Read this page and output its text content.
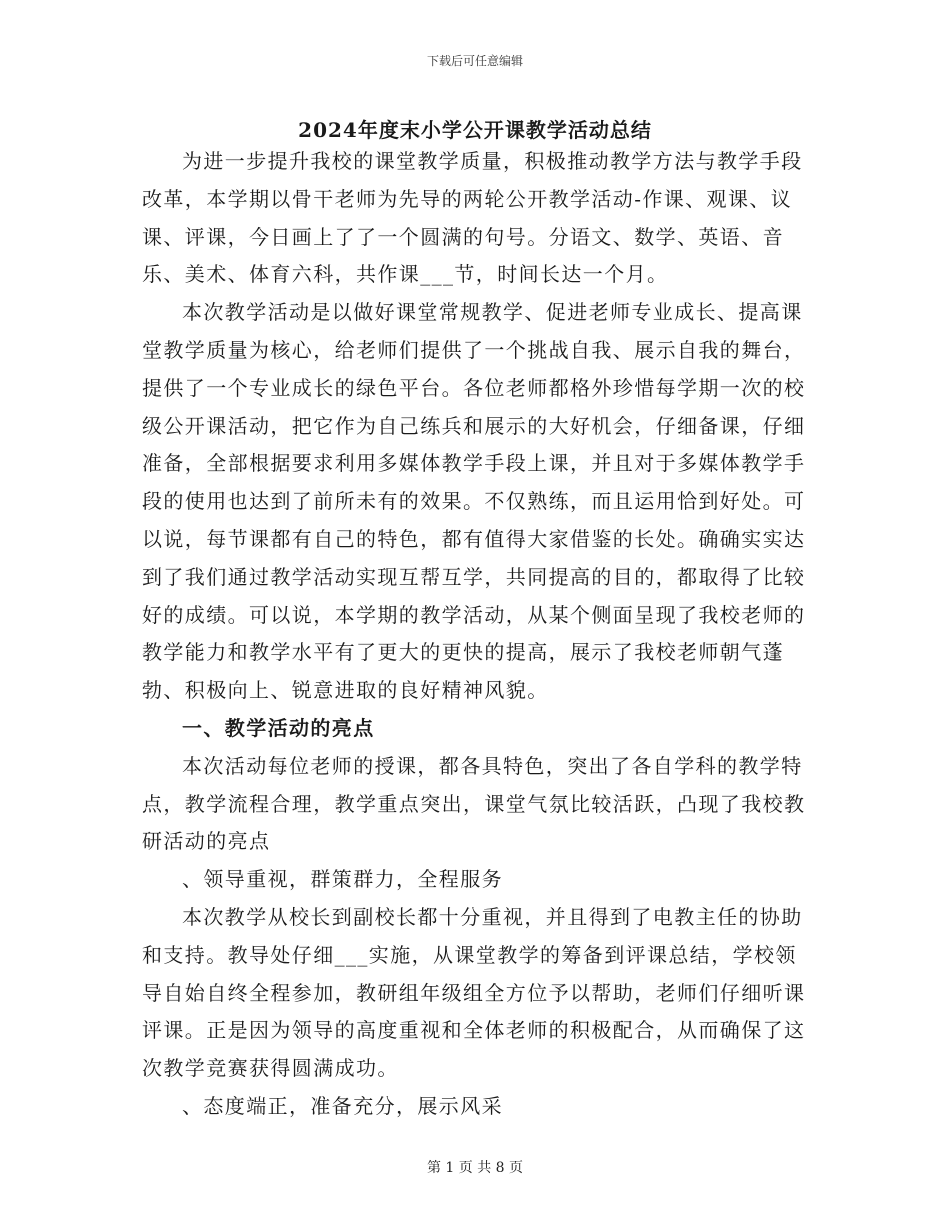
下载后可任意编辑
2024年度末小学公开课教学活动总结

为进一步提升我校的课堂教学质量，积极推动教学方法与教学手段改革，本学期以骨干老师为先导的两轮公开教学活动-作课、观课、议课、评课，今日画上了了一个圆满的句号。分语文、数学、英语、音乐、美术、体育六科，共作课___节，时间长达一个月。

本次教学活动是以做好课堂常规教学、促进老师专业成长、提高课堂教学质量为核心，给老师们提供了一个挑战自我、展示自我的舞台，提供了一个专业成长的绿色平台。各位老师都格外珍惜每学期一次的校级公开课活动，把它作为自己练兵和展示的大好机会，仔细备课，仔细准备，全部根据要求利用多媒体教学手段上课，并且对于多媒体教学手段的使用也达到了前所未有的效果。不仅熟练，而且运用恰到好处。可以说，每节课都有自己的特色，都有值得大家借鉴的长处。确确实实达到了我们通过教学活动实现互帮互学，共同提高的目的，都取得了比较好的成绩。可以说，本学期的教学活动，从某个侧面呈现了我校老师的教学能力和教学水平有了更大的更快的提高，展示了我校老师朝气蓬勃、积极向上、锐意进取的良好精神风貌。

一、教学活动的亮点

本次活动每位老师的授课，都各具特色，突出了各自学科的教学特点，教学流程合理，教学重点突出，课堂气氛比较活跃，凸现了我校教研活动的亮点

、领导重视，群策群力，全程服务

本次教学从校长到副校长都十分重视，并且得到了电教主任的协助和支持。教导处仔细___实施，从课堂教学的筹备到评课总结，学校领导自始自终全程参加，教研组年级组全方位予以帮助，老师们仔细听课评课。正是因为领导的高度重视和全体老师的积极配合，从而确保了这次教学竞赛获得圆满成功。

、态度端正，准备充分，展示风采

第 1 页 共 8 页
